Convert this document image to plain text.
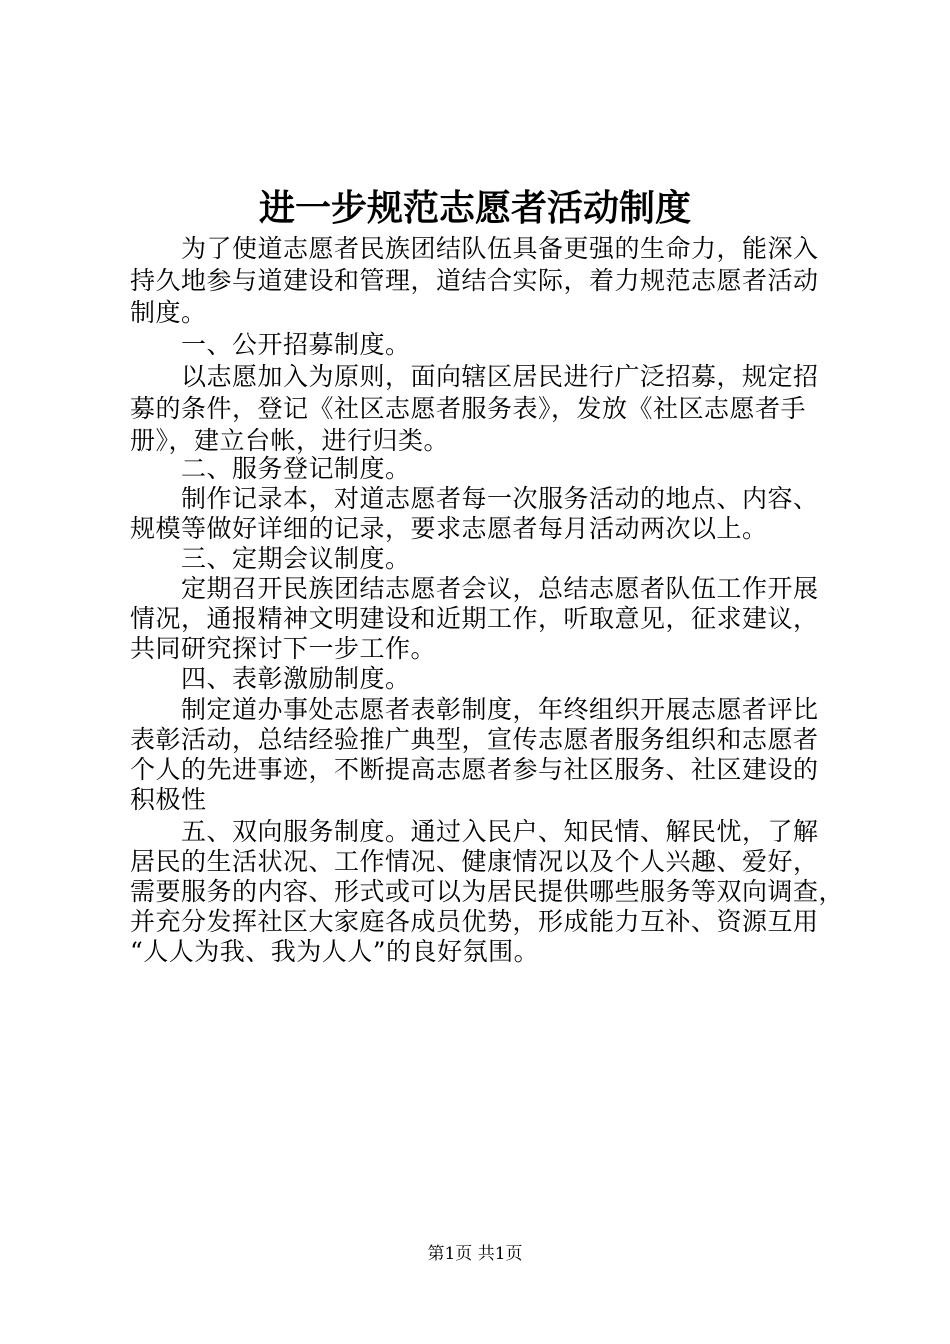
进一步规范志愿者活动制度
　　为了使道志愿者民族团结队伍具备更强的生命力，能深入
持久地参与道建设和管理，道结合实际，着力规范志愿者活动
制度。
　　一、公开招募制度。
　　以志愿加入为原则，面向辖区居民进行广泛招募，规定招
募的条件，登记《社区志愿者服务表》，发放《社区志愿者手
册》，建立台帐，进行归类。
　　二、服务登记制度。
　　制作记录本，对道志愿者每一次服务活动的地点、内容、
规模等做好详细的记录，要求志愿者每月活动两次以上。
　　三、定期会议制度。
　　定期召开民族团结志愿者会议，总结志愿者队伍工作开展
情况，通报精神文明建设和近期工作，听取意见，征求建议，
共同研究探讨下一步工作。
　　四、表彰激励制度。
　　制定道办事处志愿者表彰制度，年终组织开展志愿者评比
表彰活动，总结经验推广典型，宣传志愿者服务组织和志愿者
个人的先进事迹，不断提高志愿者参与社区服务、社区建设的
积极性
　　五、双向服务制度。通过入民户、知民情、解民忧，了解
居民的生活状况、工作情况、健康情况以及个人兴趣、爱好，
需要服务的内容、形式或可以为居民提供哪些服务等双向调查，
并充分发挥社区大家庭各成员优势，形成能力互补、资源互用
“人人为我、我为人人”的良好氛围。
第1页 共1页
